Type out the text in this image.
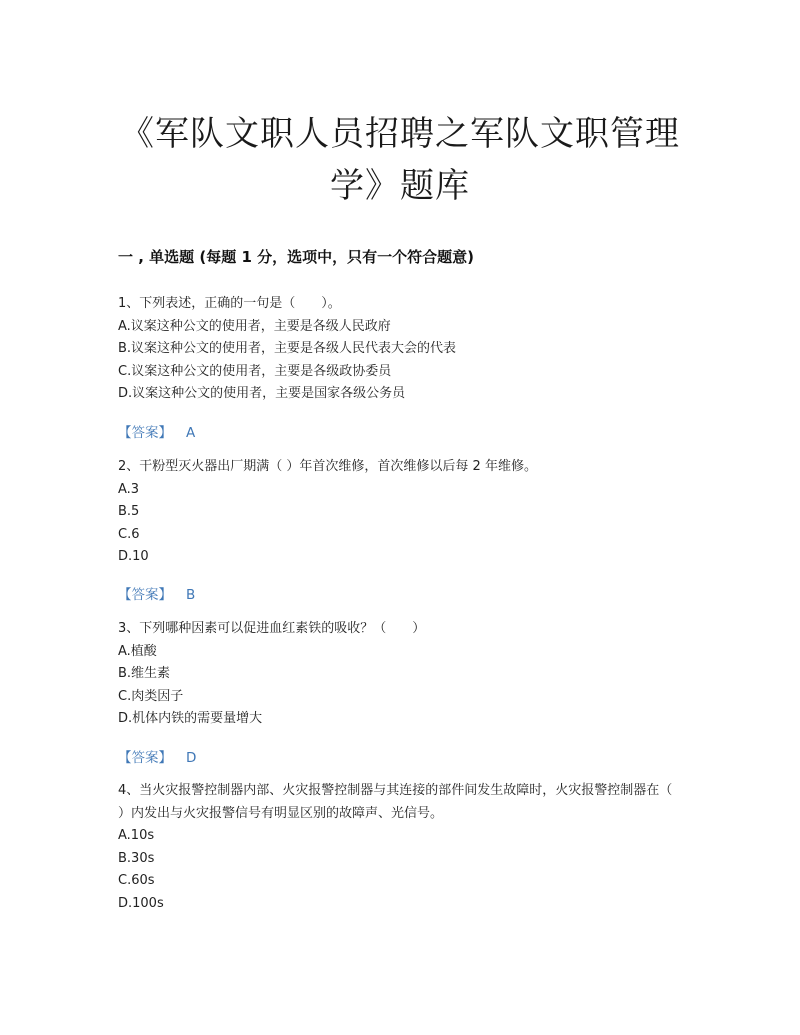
《军队文职人员招聘之军队文职管理
学》题库
一 , 单选题 (每题 1 分，选项中，只有一个符合题意)
1、下列表述，正确的一句是（　　）。
A.议案这种公文的使用者，主要是各级人民政府
B.议案这种公文的使用者，主要是各级人民代表大会的代表
C.议案这种公文的使用者，主要是各级政协委员
D.议案这种公文的使用者，主要是国家各级公务员
【答案】 A
2、干粉型灭火器出厂期满（ ）年首次维修，首次维修以后每 2 年维修。
A.3
B.5
C.6
D.10
【答案】 B
3、下列哪种因素可以促进血红素铁的吸收？（　　）
A.植酸
B.维生素
C.肉类因子
D.机体内铁的需要量增大
【答案】 D
4、当火灾报警控制器内部、火灾报警控制器与其连接的部件间发生故障时，火灾报警控制器在（ ）内发出与火灾报警信号有明显区别的故障声、光信号。
A.10s
B.30s
C.60s
D.100s
